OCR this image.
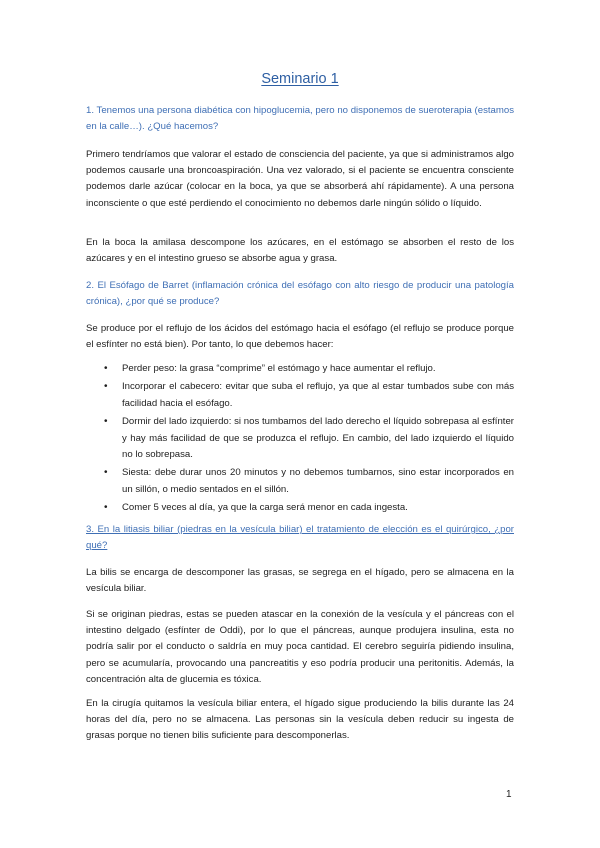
Seminario 1
1. Tenemos una persona diabética con hipoglucemia, pero no disponemos de sueroterapia (estamos en la calle…). ¿Qué hacemos?
Primero tendríamos que valorar el estado de consciencia del paciente, ya que si administramos algo podemos causarle una broncoaspiración. Una vez valorado, si el paciente se encuentra consciente podemos darle azúcar (colocar en la boca, ya que se absorberá ahí rápidamente). A una persona inconsciente o que esté perdiendo el conocimiento no debemos darle ningún sólido o líquido.
En la boca la amilasa descompone los azúcares, en el estómago se absorben el resto de los azúcares y en el intestino grueso se absorbe agua y grasa.
2. El Esófago de Barret (inflamación crónica del esófago con alto riesgo de producir una patología crónica), ¿por qué se produce?
Se produce por el reflujo de los ácidos del estómago hacia el esófago (el reflujo se produce porque el esfínter no está bien). Por tanto, lo que debemos hacer:
• Perder peso: la grasa “comprime” el estómago y hace aumentar el reflujo.
• Incorporar el cabecero: evitar que suba el reflujo, ya que al estar tumbados sube con más facilidad hacia el esófago.
• Dormir del lado izquierdo: si nos tumbamos del lado derecho el líquido sobrepasa al esfínter y hay más facilidad de que se produzca el reflujo. En cambio, del lado izquierdo el líquido no lo sobrepasa.
• Siesta: debe durar unos 20 minutos y no debemos tumbarnos, sino estar incorporados en un sillón, o medio sentados en el sillón.
• Comer 5 veces al día, ya que la carga será menor en cada ingesta.
3. En la litiasis biliar (piedras en la vesícula biliar) el tratamiento de elección es el quirúrgico, ¿por qué?
La bilis se encarga de descomponer las grasas, se segrega en el hígado, pero se almacena en la vesícula biliar.
Si se originan piedras, estas se pueden atascar en la conexión de la vesícula y el páncreas con el intestino delgado (esfínter de Oddi), por lo que el páncreas, aunque produjera insulina, esta no podría salir por el conducto o saldría en muy poca cantidad. El cerebro seguiría pidiendo insulina, pero se acumularía, provocando una pancreatitis y eso podría producir una peritonitis. Además, la concentración alta de glucemia es tóxica.
En la cirugía quitamos la vesícula biliar entera, el hígado sigue produciendo la bilis durante las 24 horas del día, pero no se almacena. Las personas sin la vesícula deben reducir su ingesta de grasas porque no tienen bilis suficiente para descomponerlas.
1
